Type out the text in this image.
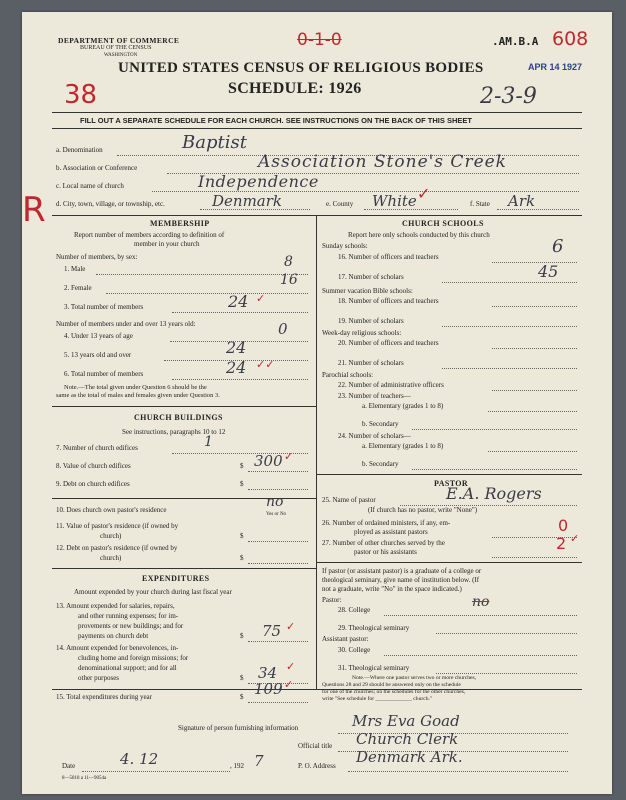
DEPARTMENT OF COMMERCE
BUREAU OF THE CENSUS
WASHINGTON
0-1-0	.AM.B.A 608
APR 14 1927
UNITED STATES CENSUS OF RELIGIOUS BODIES
SCHEDULE: 1926
38	2-3-9
R
FILL OUT A SEPARATE SCHEDULE FOR EACH CHURCH. SEE INSTRUCTIONS ON THE BACK OF THIS SHEET
a. Denomination	Baptist
b. Association or Conference	Association Stone's Creek
c. Local name of church	Independence
d. City, town, village, or township, etc.	Denmark	e. County White ✓
f. State Ark
MEMBERSHIP
Report number of members according to definition of
member in your church
Number of members, by sex:
1. Male	8
2. Female	16
3. Total number of members	24 ✓
Number of members under and over 13 years old:
4. Under 13 years of age	0
5. 13 years old and over	24
6. Total number of members	24 ✓✓
Note.—The total given under Question 6 should be the
same as the total of males and females given under Question 3.
CHURCH BUILDINGS
See instructions, paragraphs 10 to 12
7. Number of church edifices	1
8. Value of church edifices	$ 300 ✓
9. Debt on church edifices	$
10. Does church own pastor's residence	no
Yes or No
11. Value of pastor's residence (if owned by
church)	$
12. Debt on pastor's residence (if owned by
church)	$
EXPENDITURES
Amount expended by your church during last fiscal year
13. Amount expended for salaries, repairs,
and other running expenses; for im-
provements or new buildings; and for
payments on church debt	$ 75 ✓
14. Amount expended for benevolences, in-
cluding home and foreign missions; for
denominational support; and for all
other purposes	$ 34 ✓
15. Total expenditures during year	$ 109 ✓
CHURCH SCHOOLS
Report here only schools conducted by this church
Sunday schools:
16. Number of officers and teachers	6
17. Number of scholars	45
Summer vacation Bible schools:
18. Number of officers and teachers
19. Number of scholars
Week-day religious schools:
20. Number of officers and teachers
21. Number of scholars
Parochial schools:
22. Number of administrative officers
23. Number of teachers—
a. Elementary (grades 1 to 8)
b. Secondary
24. Number of scholars—
a. Elementary (grades 1 to 8)
b. Secondary
PASTOR
25. Name of pastor	E.A. Rogers
(If church has no pastor, write "None")
26. Number of ordained ministers, if any, em-
ployed as assistant pastors	0
27. Number of other churches served by the
pastor or his assistants	2 ✓
If pastor (or assistant pastor) is a graduate of a college or
theological seminary, give name of institution below. (If
not a graduate, write "No" in the space indicated.)
Pastor:
28. College	no
29. Theological seminary
Assistant pastor:
30. College
31. Theological seminary
Note.—Where one pastor serves two or more churches,
Questions 28 and 29 should be answered only on the schedule
for one of the churches; on the schedules for the other churches,
write "See schedule for _____________ church."
Signature of person furnishing information	Mrs Eva Goad
Official title Church Clerk
Date	4. 12	, 192 7	P. O. Address Denmark Ark.
8—5818 a 11—9054a
